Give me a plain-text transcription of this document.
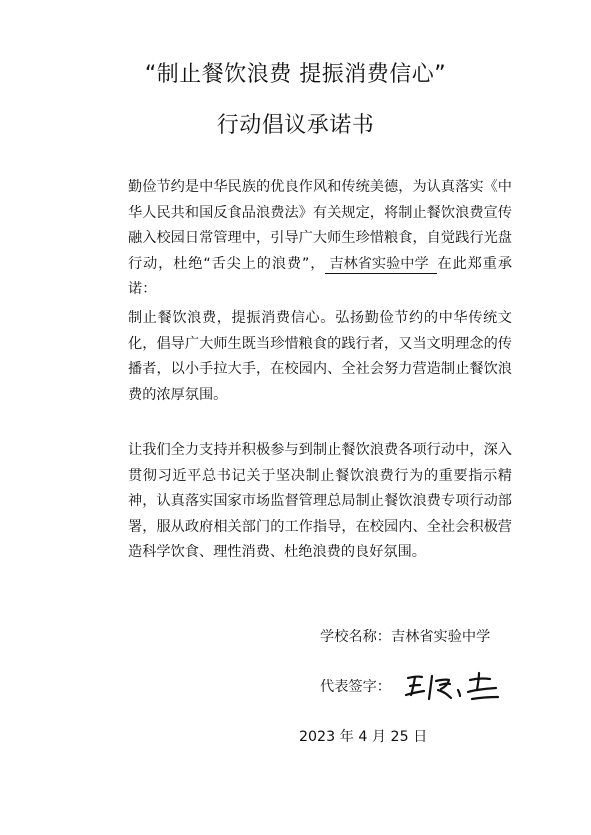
“制止餐饮浪费 提振消费信心”
行动倡议承诺书
勤俭节约是中华民族的优良作风和传统美德，为认真落实《中华人民共和国反食品浪费法》有关规定，将制止餐饮浪费宣传融入校园日常管理中，引导广大师生珍惜粮食，自觉践行光盘行动，杜绝“舌尖上的浪费”， 吉林省实验中学 在此郑重承诺：
制止餐饮浪费，提振消费信心。弘扬勤俭节约的中华传统文化，倡导广大师生既当珍惜粮食的践行者，又当文明理念的传播者，以小手拉大手，在校园内、全社会努力营造制止餐饮浪费的浓厚氛围。
让我们全力支持并积极参与到制止餐饮浪费各项行动中，深入贯彻习近平总书记关于坚决制止餐饮浪费行为的重要指示精神，认真落实国家市场监督管理总局制止餐饮浪费专项行动部署，服从政府相关部门的工作指导，在校园内、全社会积极营造科学饮食、理性消费、杜绝浪费的良好氛围。
学校名称：吉林省实验中学
代表签字：
2023 年 4 月 25 日
